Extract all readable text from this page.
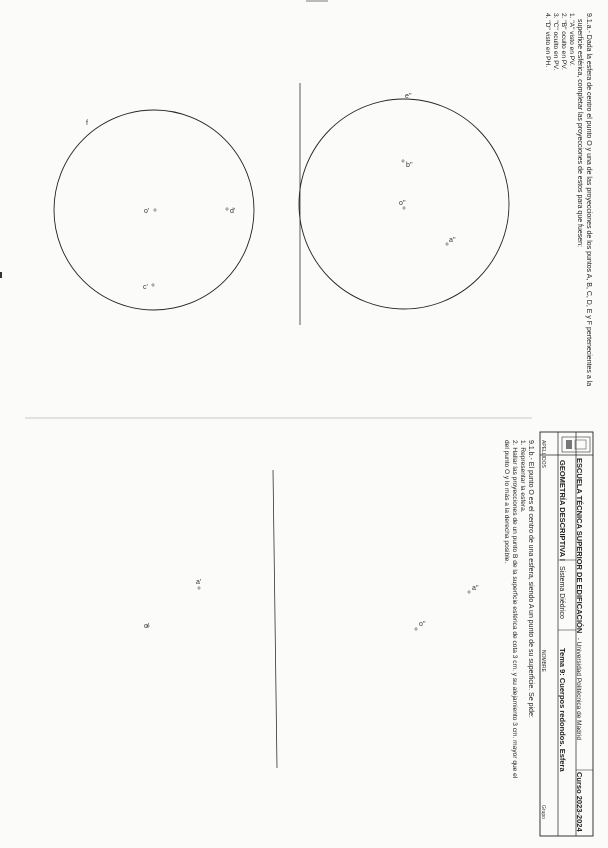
f
e''
b''
o''
a''
o'	d'
c'
a''
o''
a'
o'
9.1.a.- Dada la esfera de centro el punto O y una de las proyecciones de los puntos A, B, C, D, E y F pertenecientes a la
superficie esférica, completar las proyecciones de estos para que fuesen:
1. "A" visto en PV.
2. "B" oculto en PV.
3. "C" oculto en PV.
4. "D" visto en PH.
ESCUELA TÉCNICA SUPERIOR DE EDIFICACIÓN - Universidad Politécnica de Madrid
Curso 2023-2024
GEOMETRÍA DESCRIPTIVA I
Sistema Diédrico
Tema 9: Cuerpos redondos. Esfera
APELLIDOS
NOMBRE
Grupo
9.1.b.- El punto O es el centro de una esfera, siendo A un punto de su superficie. Se pide:
1. Representar la esfera.
2. Hallar las proyecciones de un punto B de la superficie esférica de cota 3 cm. y su alejamiento 3 cm. mayor que el
del punto O y lo más a la derecha posible.
